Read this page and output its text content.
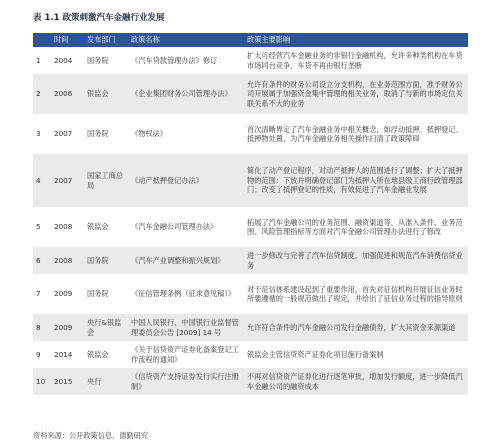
表 1.1 政策刺激汽车金融行业发展
	时间	发布部门	政策名称	政策主要影响
1	2004	国务院	《汽车贷款管理办法》修订	扩大可经营汽车金融业务的非银行金融机构，允许多种类机构在车贷市场同台竞争，车贷不再由银行垄断
2	2006	银监会	《企业集团财务公司管理办法》	允许有条件的财务公司设立分支机构，在业务范围方面，准予财务公司开展属于加强资金集中管理的相关业务，取消了与新的市场定位关联关系不大的业务
3	2007	国务院	《物权法》	首次清晰界定了汽车金融业务中相关概念，如浮动抵押、抵押登记、抵押物处置，为汽车金融业务相关操作扫清了政策障碍
4	2007	国家工商总局	《动产抵押登记办法》	简化了动产登记程序，对动产抵押人的范围进行了调整；扩大了抵押物的范围：下放并明确登记部门为抵押人所在地县级工商行政管理部门；改变了抵押登记的性质，有效促进了汽车金融业发展
5	2008	银监会	《汽车金融公司管理办法》	拓展了汽车金融公司的业务范围、融资渠道等，从准入条件、业务范围、风险管理指标等方面对汽车金融公司管理办法进行了修改
6	2008	国务院	《汽车产业调整和振兴规划》	进一步修改与完善了汽车信贷制度，加强促进和规范汽车消费信贷业务
7	2009	国务院	《征信管理条例（征求意见稿）》	对于征信体系建设起到了重要作用，首先对征信机构开展征信业务时所要遵循的一般规范做出了规定，并给出了征信业务过程的指导原则
8	2009	央行&银监会	中国人民银行、中国银行业监督管理委员会公告 [2009] 14 号	允许符合条件的汽车金融公司发行金融债券，扩大其资金来源渠道
9	2014	银监会	《关于信贷资产证券化备案登记工作流程的通知》	银监会主管信贷资产证券化项目施行备案制
10	2015	央行	《信贷资产支持证券发行实行注册制》	不再对信贷资产证券化进行逐笔审批，增加发行额度，进一步降低汽车金融公司的融资成本
资料来源：公开政策信息、德勤研究
